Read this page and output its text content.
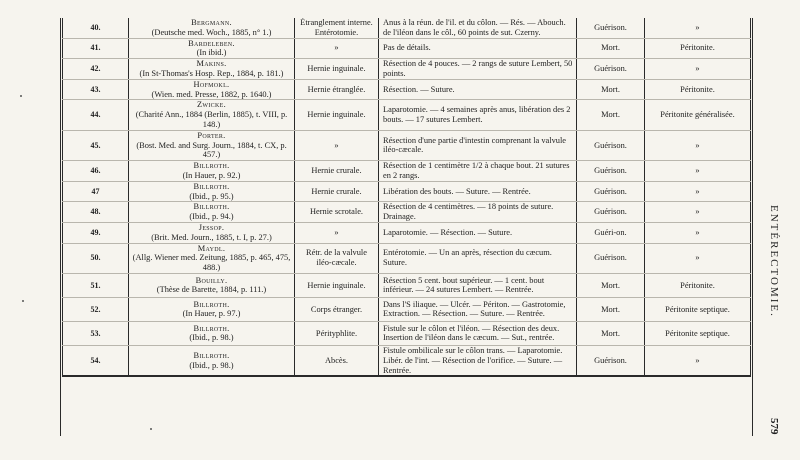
40.	Bergmann.
(Deutsche med. Woch., 1885, n° 1.)	Étranglement interne. Entérotomie.	Anus à la réun. de l'il. et du côlon. — Rés. — Abouch. de l'iléon dans le côl., 60 points de sut. Czerny.	Guérison.	»
41.	Bardeleben.
(In ibid.)	»	Pas de détails.	Mort.	Péritonite.
42.	Makins.
(In St-Thomas's Hosp. Rep., 1884, p. 181.)	Hernie inguinale.	Résection de 4 pouces. — 2 rangs de suture Lembert, 50 points.	Guérison.	»
43.	Hofmokl.
(Wien. med. Presse, 1882, p. 1640.)	Hernie étranglée.	Résection. — Suture.	Mort.	Péritonite.
44.	Zwicke.
(Charité Ann., 1884 (Berlin, 1885), t. VIII, p. 148.)	Hernie inguinale.	Laparotomie. — 4 semaines après anus, libération des 2 bouts. — 17 sutures Lembert.	Mort.	Péritonite généralisée.
45.	Porter.
(Bost. Med. and Surg. Journ., 1884, t. CX, p. 457.)	»	Résection d'une partie d'intestin comprenant la valvule iléo-cæcale.	Guérison.	»
46.	Billroth.
(In Hauer, p. 92.)	Hernie crurale.	Résection de 1 centimètre 1/2 à chaque bout. 21 sutures en 2 rangs.	Guérison.	»
47	Billroth.
(Ibid., p. 95.)	Hernie crurale.	Libération des bouts. — Suture. — Rentrée.	Guérison.	»
48.	Billroth.
(Ibid., p. 94.)	Hernie scrotale.	Résection de 4 centimètres. — 18 points de suture. Drainage.	Guérison.	»
49.	Jessop.
(Brit. Med. Journ., 1885, t. I, p. 27.)	»	Laparotomie. — Résection. — Suture.	Guéri-on.	»
50.	Maydl.
(Allg. Wiener med. Zeitung, 1885, p. 465, 475, 488.)	Rétr. de la valvule iléo-cæcale.	Entérotomie. — Un an après, résection du cæcum. Suture.	Guérison.	»
51.	Bouilly.
(Thèse de Barette, 1884, p. 111.)	Hernie inguinale.	Résection 5 cent. bout supérieur. — 1 cent. bout inférieur. — 24 sutures Lembert. — Rentrée.	Mort.	Péritonite.
52.	Billroth.
(In Hauer, p. 97.)	Corps étranger.	Dans l'S iliaque. — Ulcér. — Périton. — Gastrotomie, Extraction. — Résection. — Suture. — Rentrée.	Mort.	Péritonite septique.
53.	Billroth.
(Ibid., p. 98.)	Pérityphlite.	Fistule sur le côlon et l'iléon. — Résection des deux. Insertion de l'iléon dans le cæcum. — Sut., rentrée.	Mort.	Péritonite septique.
54.	Billroth.
(Ibid., p. 98.)	Abcès.	Fistule ombilicale sur le côlon trans. — Laparotomie. Libér. de l'int. — Résection de l'orifice. — Suture. — Rentrée.	Guérison.	»
ENTÉRECTOMIE.
579
